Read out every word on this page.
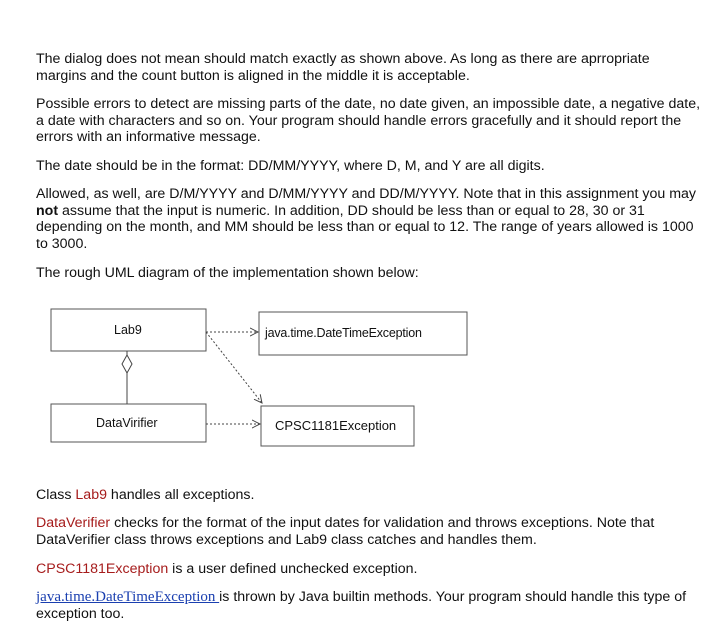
The dialog does not mean should match exactly as shown above. As long as there are aprropriate margins and the count button is aligned in the middle it is acceptable.

Possible errors to detect are missing parts of the date, no date given, an impossible date, a negative date, a date with characters and so on. Your program should handle errors gracefully and it should report the errors with an informative message.

The date should be in the format: DD/MM/YYYY, where D, M, and Y are all digits.

Allowed, as well, are D/M/YYYY and D/MM/YYYY and DD/M/YYYY. Note that in this assignment you may not assume that the input is numeric. In addition, DD should be less than or equal to 28, 30 or 31 depending on the month, and MM should be less than or equal to 12. The range of years allowed is 1000 to 3000.

The rough UML diagram of the implementation shown below:

Lab9	java.time.DateTimeException
DataVirifier	CPSC1181Exception

Class Lab9 handles all exceptions.

DataVerifier checks for the format of the input dates for validation and throws exceptions. Note that DataVerifier class throws exceptions and Lab9 class catches and handles them.

CPSC1181Exception is a user defined unchecked exception.

java.time.DateTimeException is thrown by Java builtin methods. Your program should handle this type of exception too.
